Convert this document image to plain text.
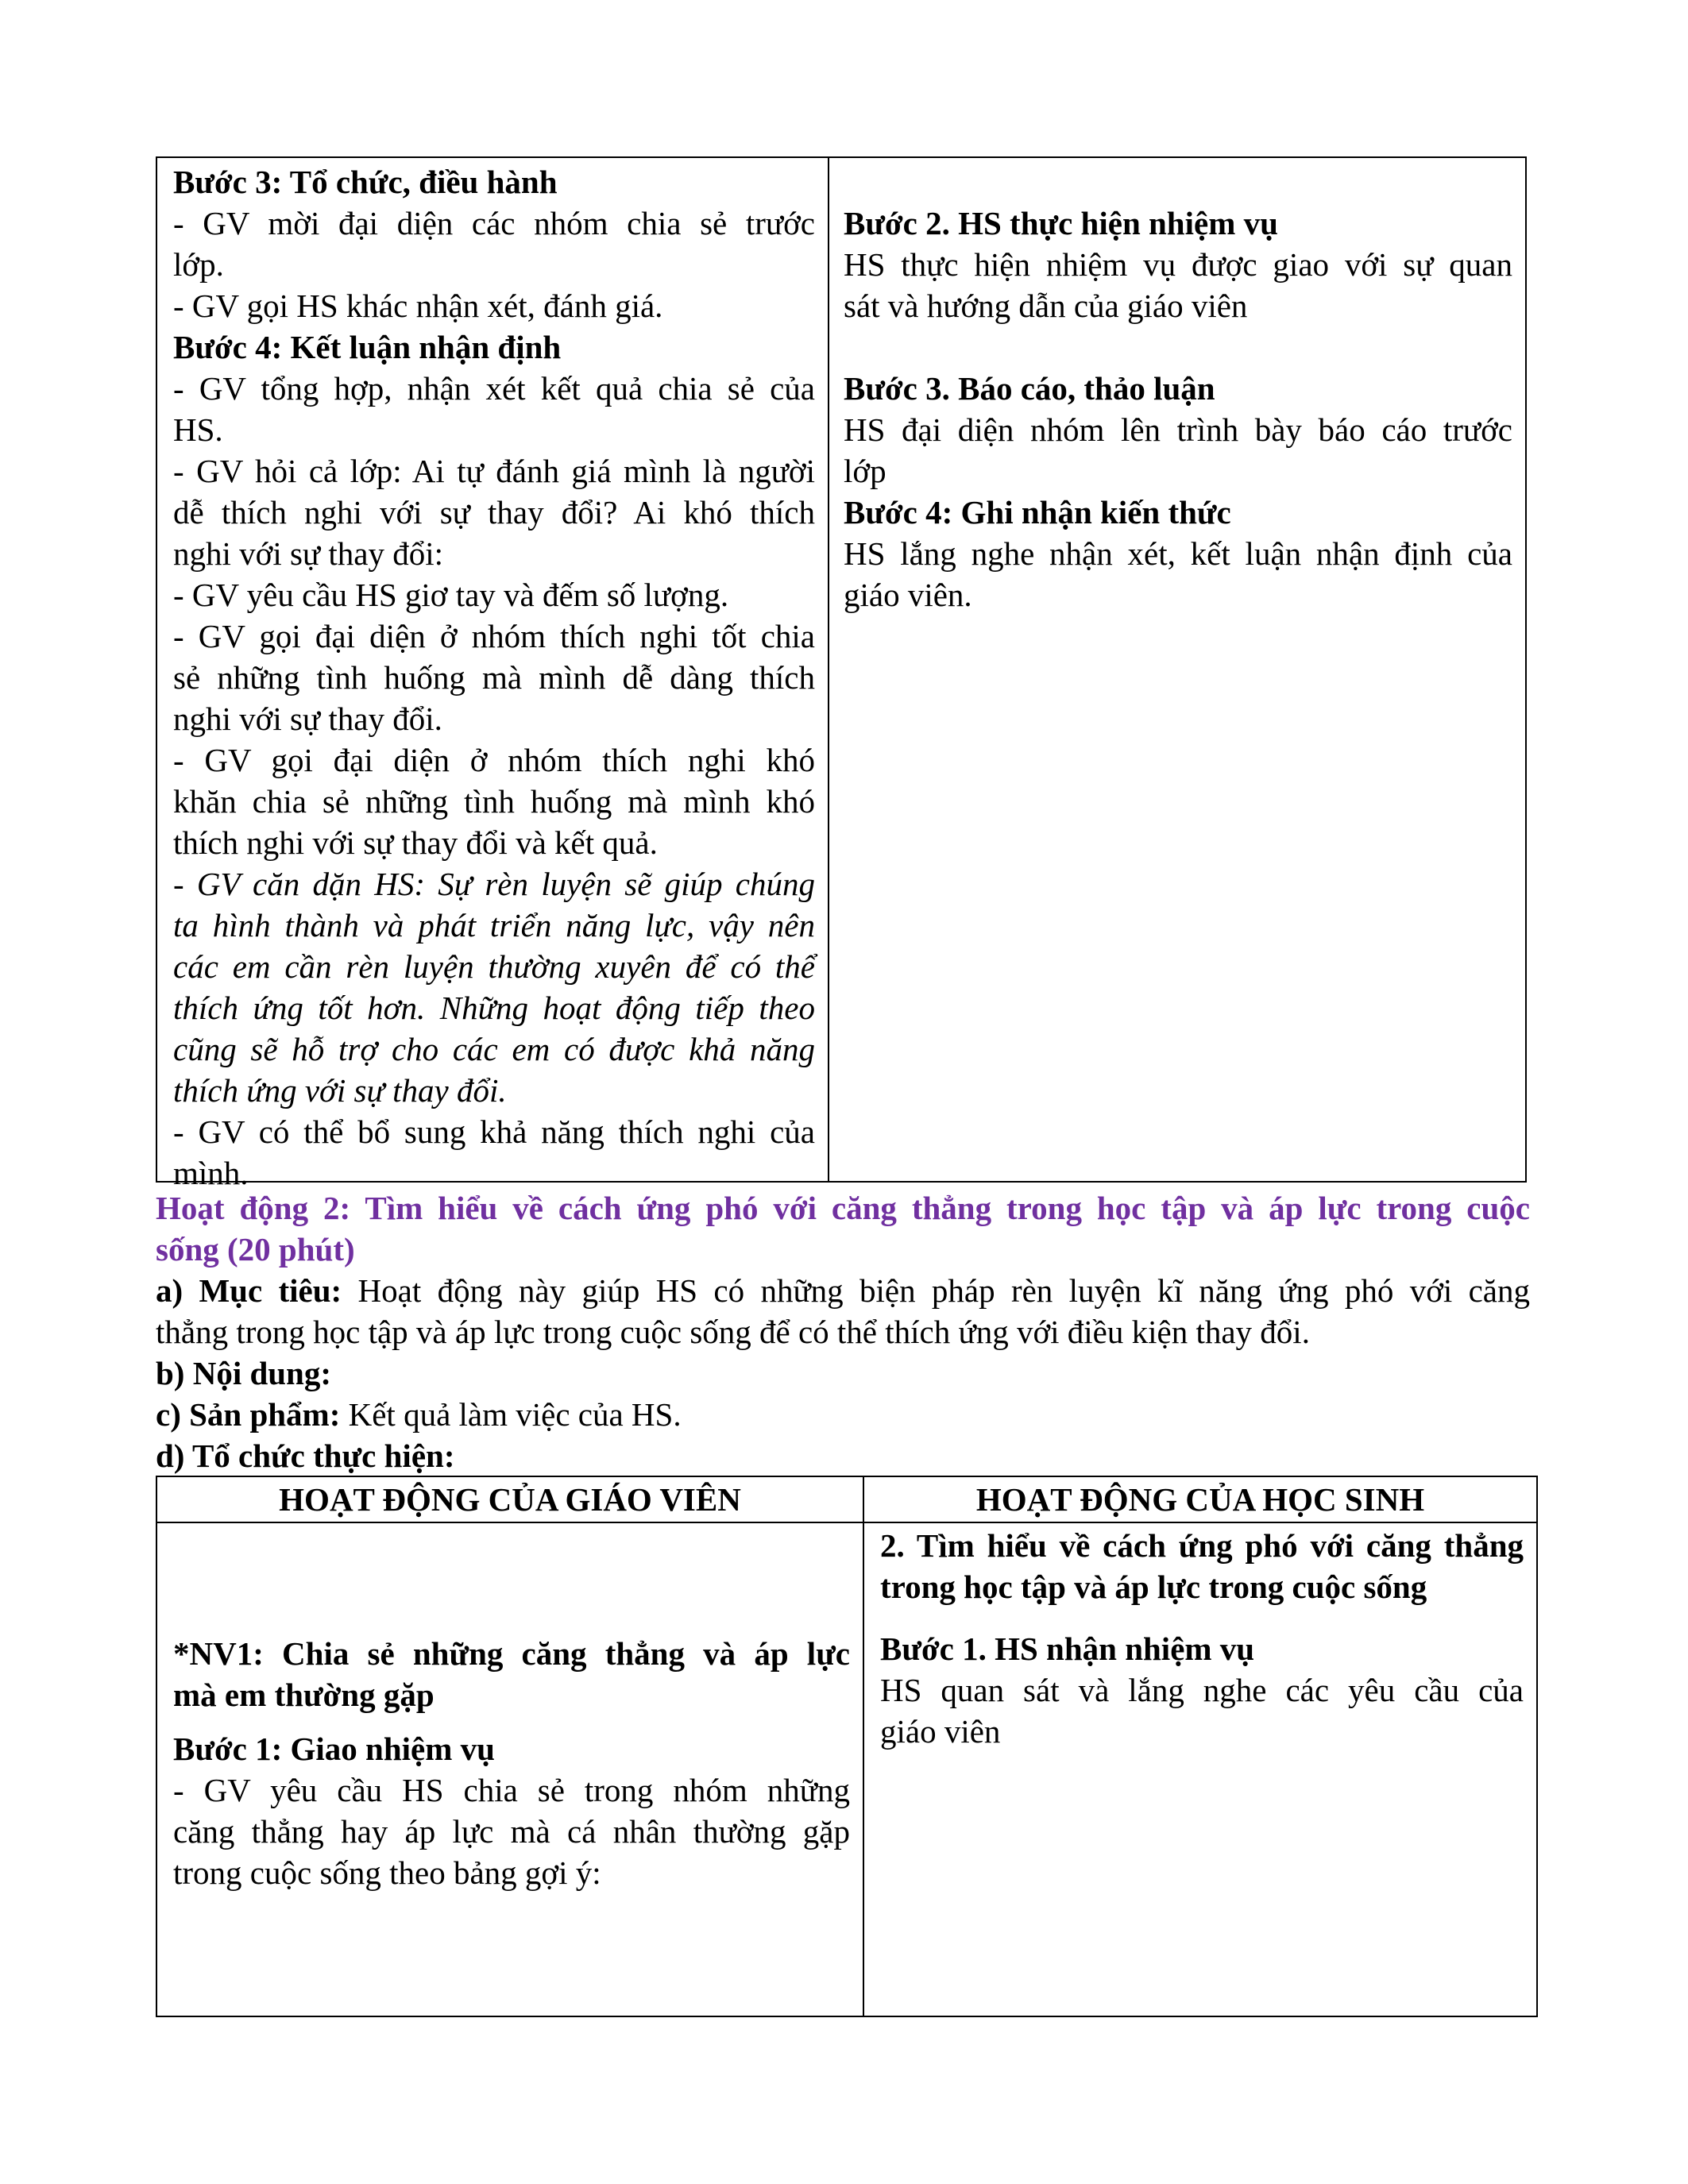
Bước 3: Tổ chức, điều hành
- GV mời đại diện các nhóm chia sẻ trước
lớp.
- GV gọi HS khác nhận xét, đánh giá.
Bước 4: Kết luận nhận định
- GV tổng hợp, nhận xét kết quả chia sẻ của
HS.
- GV hỏi cả lớp: Ai tự đánh giá mình là người
dễ thích nghi với sự thay đổi? Ai khó thích
nghi với sự thay đổi:
- GV yêu cầu HS giơ tay và đếm số lượng.
- GV gọi đại diện ở nhóm thích nghi tốt chia
sẻ những tình huống mà mình dễ dàng thích
nghi với sự thay đổi.
- GV gọi đại diện ở nhóm thích nghi khó
khăn chia sẻ những tình huống mà mình khó
thích nghi với sự thay đổi và kết quả.
- GV căn dặn HS: Sự rèn luyện sẽ giúp chúng
ta hình thành và phát triển năng lực, vậy nên
các em cần rèn luyện thường xuyên để có thể
thích ứng tốt hơn. Những hoạt động tiếp theo
cũng sẽ hỗ trợ cho các em có được khả năng
thích ứng với sự thay đổi.
- GV có thể bổ sung khả năng thích nghi của
mình.
Bước 2. HS thực hiện nhiệm vụ
HS thực hiện nhiệm vụ được giao với sự quan
sát và hướng dẫn của giáo viên
Bước 3. Báo cáo, thảo luận
HS đại diện nhóm lên trình bày báo cáo trước
lớp
Bước 4: Ghi nhận kiến thức
HS lắng nghe nhận xét, kết luận nhận định của
giáo viên.
Hoạt động 2: Tìm hiểu về cách ứng phó với căng thẳng trong học tập và áp lực trong cuộc
sống (20 phút)
a) Mục tiêu: Hoạt động này giúp HS có những biện pháp rèn luyện kĩ năng ứng phó với căng
thẳng trong học tập và áp lực trong cuộc sống để có thể thích ứng với điều kiện thay đổi.
b) Nội dung:
c) Sản phẩm: Kết quả làm việc của HS.
d) Tổ chức thực hiện:
HOẠT ĐỘNG CỦA GIÁO VIÊN	HOẠT ĐỘNG CỦA HỌC SINH
*NV1: Chia sẻ những căng thẳng và áp lực
mà em thường gặp
Bước 1: Giao nhiệm vụ
- GV yêu cầu HS chia sẻ trong nhóm những
căng thẳng hay áp lực mà cá nhân thường gặp
trong cuộc sống theo bảng gợi ý:
2. Tìm hiểu về cách ứng phó với căng thẳng
trong học tập và áp lực trong cuộc sống
Bước 1. HS nhận nhiệm vụ
HS quan sát và lắng nghe các yêu cầu của
giáo viên
